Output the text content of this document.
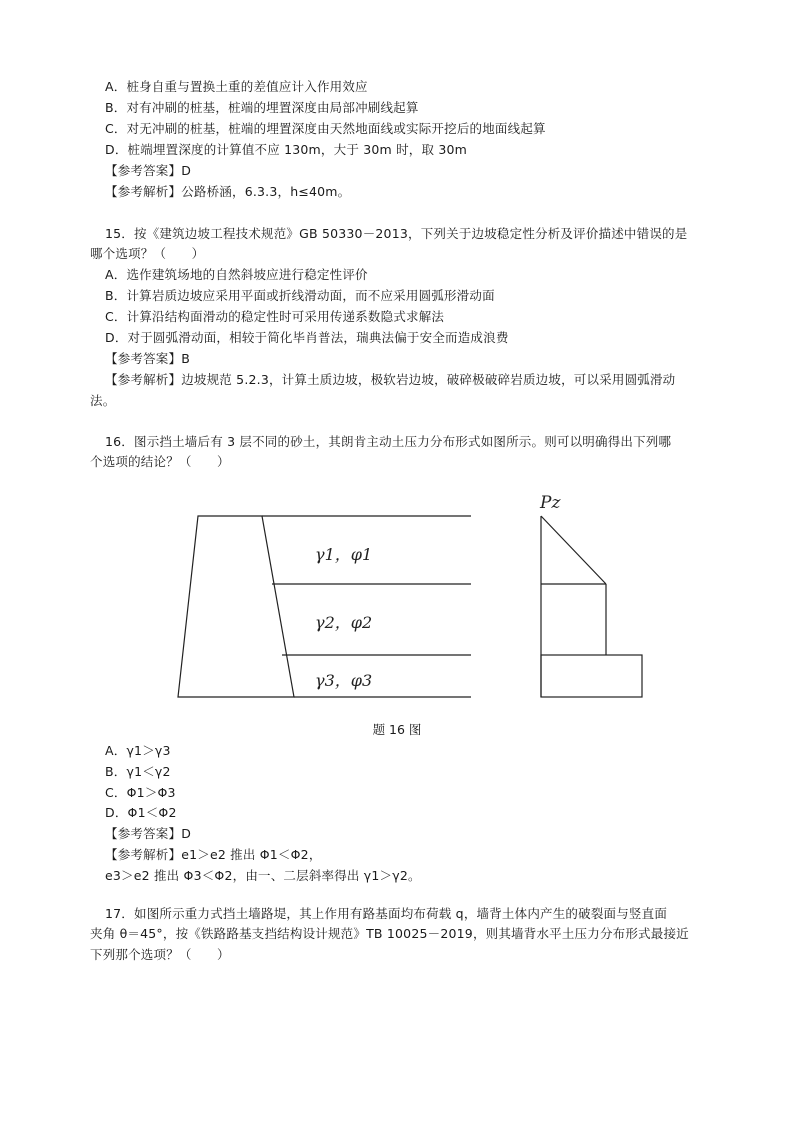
A．桩身自重与置换土重的差值应计入作用效应
B．对有冲刷的桩基，桩端的埋置深度由局部冲刷线起算
C．对无冲刷的桩基，桩端的埋置深度由天然地面线或实际开挖后的地面线起算
D．桩端埋置深度的计算值不应 130m，大于 30m 时，取 30m
【参考答案】D
【参考解析】公路桥涵，6.3.3，h≤40m。
15．按《建筑边坡工程技术规范》GB 50330－2013，下列关于边坡稳定性分析及评价描述中错误的是
哪个选项？（　　）
A．选作建筑场地的自然斜坡应进行稳定性评价
B．计算岩质边坡应采用平面或折线滑动面，而不应采用圆弧形滑动面
C．计算沿结构面滑动的稳定性时可采用传递系数隐式求解法
D．对于圆弧滑动面，相较于简化毕肖普法，瑞典法偏于安全而造成浪费
【参考答案】B
【参考解析】边坡规范 5.2.3，计算土质边坡，极软岩边坡，破碎极破碎岩质边坡，可以采用圆弧滑动
法。
16．图示挡土墙后有 3 层不同的砂土，其朗肯主动土压力分布形式如图所示。则可以明确得出下列哪
个选项的结论？（　　）
γ1，φ1
γ2，φ2
γ3，φ3
Pz
题 16 图
A．γ1＞γ3
B．γ1＜γ2
C．Φ1＞Φ3
D．Φ1＜Φ2
【参考答案】D
【参考解析】e1＞e2 推出 Φ1＜Φ2，
e3＞e2 推出 Φ3＜Φ2，由一、二层斜率得出 γ1＞γ2。
17．如图所示重力式挡土墙路堤，其上作用有路基面均布荷载 q，墙背土体内产生的破裂面与竖直面
夹角 θ＝45°，按《铁路路基支挡结构设计规范》TB 10025－2019，则其墙背水平土压力分布形式最接近
下列那个选项？（　　）
